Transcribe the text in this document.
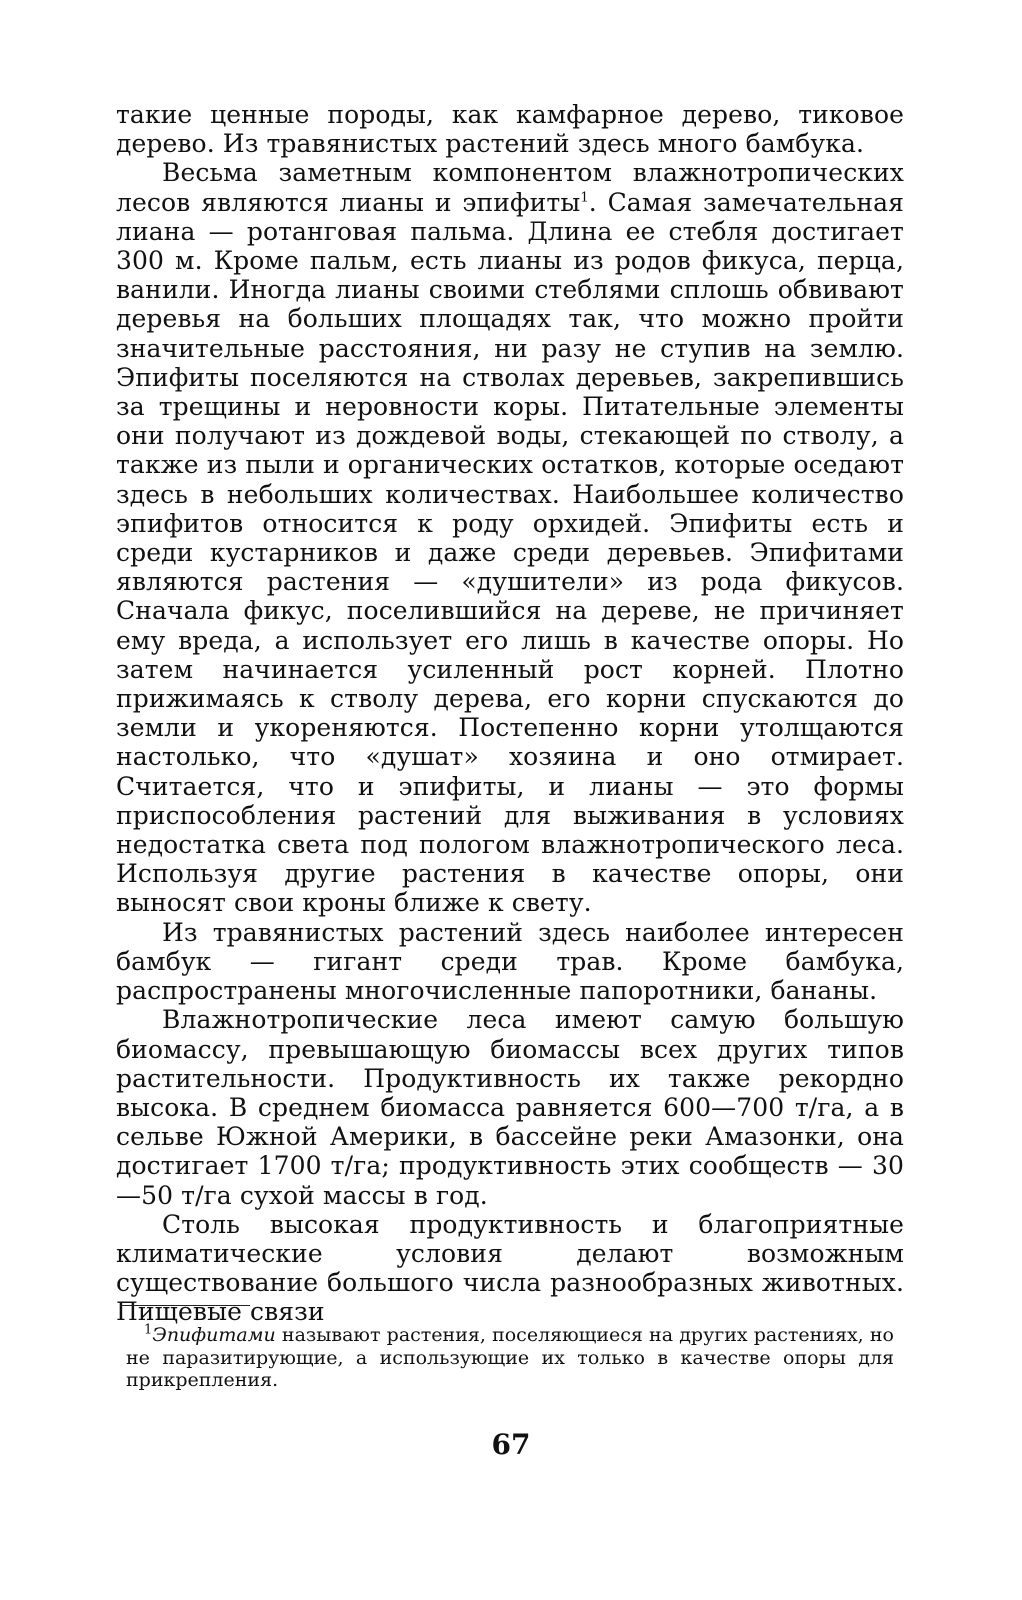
такие ценные породы, как камфарное дерево, тиковое дерево. Из травянистых растений здесь много бамбука.

Весьма заметным компонентом влажнотропических лесов являются лианы и эпифиты$^1$. Самая замечательная лиана — ротанговая пальма. Длина ее стебля достигает 300 м. Кроме пальм, есть лианы из родов фикуса, перца, ванили. Иногда лианы своими стеблями сплошь обвивают деревья на больших площадях так, что можно пройти значительные расстояния, ни разу не ступив на землю. Эпифиты поселяются на стволах деревьев, закрепившись за трещины и неровности коры. Питательные элементы они получают из дождевой воды, стекающей по стволу, а также из пыли и органических остатков, которые оседают здесь в небольших количествах. Наибольшее количество эпифитов относится к роду орхидей. Эпифиты есть и среди кустарников и даже среди деревьев. Эпифитами являются растения — «душители» из рода фикусов. Сначала фикус, поселившийся на дереве, не причиняет ему вреда, а использует его лишь в качестве опоры. Но затем начинается усиленный рост корней. Плотно прижимаясь к стволу дерева, его корни спускаются до земли и укореняются. Постепенно корни утолщаются настолько, что «душат» хозяина и оно отмирает. Считается, что и эпифиты, и лианы — это формы приспособления растений для выживания в условиях недостатка света под пологом влажнотропического леса. Используя другие растения в качестве опоры, они выносят свои кроны ближе к свету.

Из травянистых растений здесь наиболее интересен бамбук — гигант среди трав. Кроме бамбука, распространены многочисленные папоротники, бананы.

Влажнотропические леса имеют самую большую биомассу, превышающую биомассы всех других типов растительности. Продуктивность их также рекордно высока. В среднем биомасса равняется 600—700 т/га, а в сельве Южной Америки, в бассейне реки Амазонки, она достигает 1700 т/га; продуктивность этих сообществ — 30—50 т/га сухой массы в год.

Столь высокая продуктивность и благоприятные климатические условия делают возможным существование большого числа разнообразных животных. Пищевые связи

$^1$Эпифитами называют растения, поселяющиеся на других растениях, но не паразитирующие, а использующие их только в качестве опоры для прикрепления.

67
